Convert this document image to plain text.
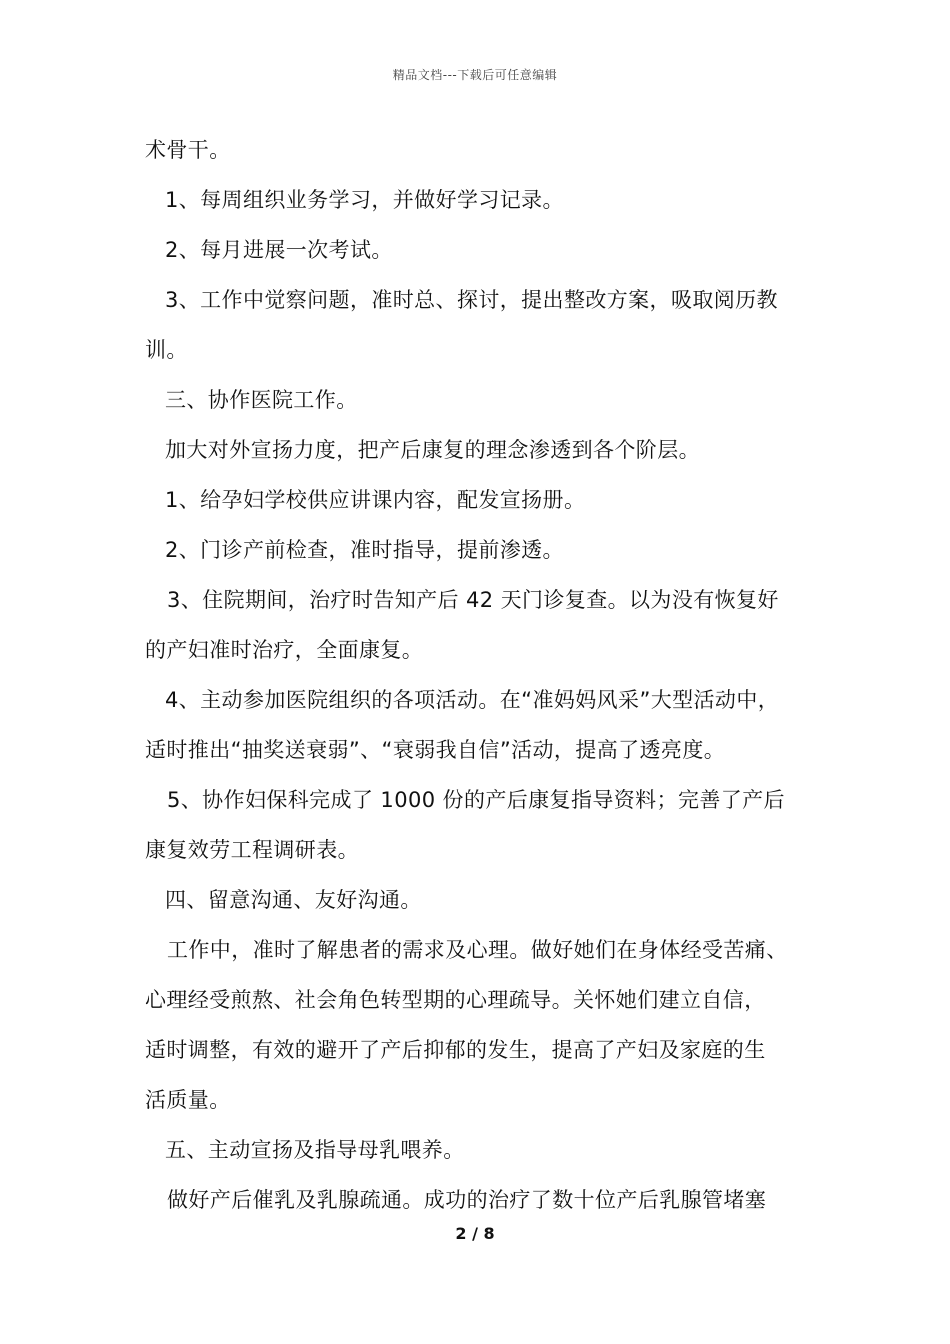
精品文档---下载后可任意编辑
术骨干。
1、每周组织业务学习，并做好学习记录。
2、每月进展一次考试。
3、工作中觉察问题，准时总、探讨，提出整改方案，吸取阅历教
训。
三、协作医院工作。
加大对外宣扬力度，把产后康复的理念渗透到各个阶层。
1、给孕妇学校供应讲课内容，配发宣扬册。
2、门诊产前检查，准时指导，提前渗透。
3、住院期间，治疗时告知产后 42 天门诊复查。以为没有恢复好
的产妇准时治疗，全面康复。
4、主动参加医院组织的各项活动。在“准妈妈风采”大型活动中，
适时推出“抽奖送衰弱”、“衰弱我自信”活动，提高了透亮度。
5、协作妇保科完成了 1000 份的产后康复指导资料；完善了产后
康复效劳工程调研表。
四、留意沟通、友好沟通。
工作中，准时了解患者的需求及心理。做好她们在身体经受苦痛、
心理经受煎熬、社会角色转型期的心理疏导。关怀她们建立自信，
适时调整，有效的避开了产后抑郁的发生，提高了产妇及家庭的生
活质量。
五、主动宣扬及指导母乳喂养。
做好产后催乳及乳腺疏通。成功的治疗了数十位产后乳腺管堵塞
2 / 8
